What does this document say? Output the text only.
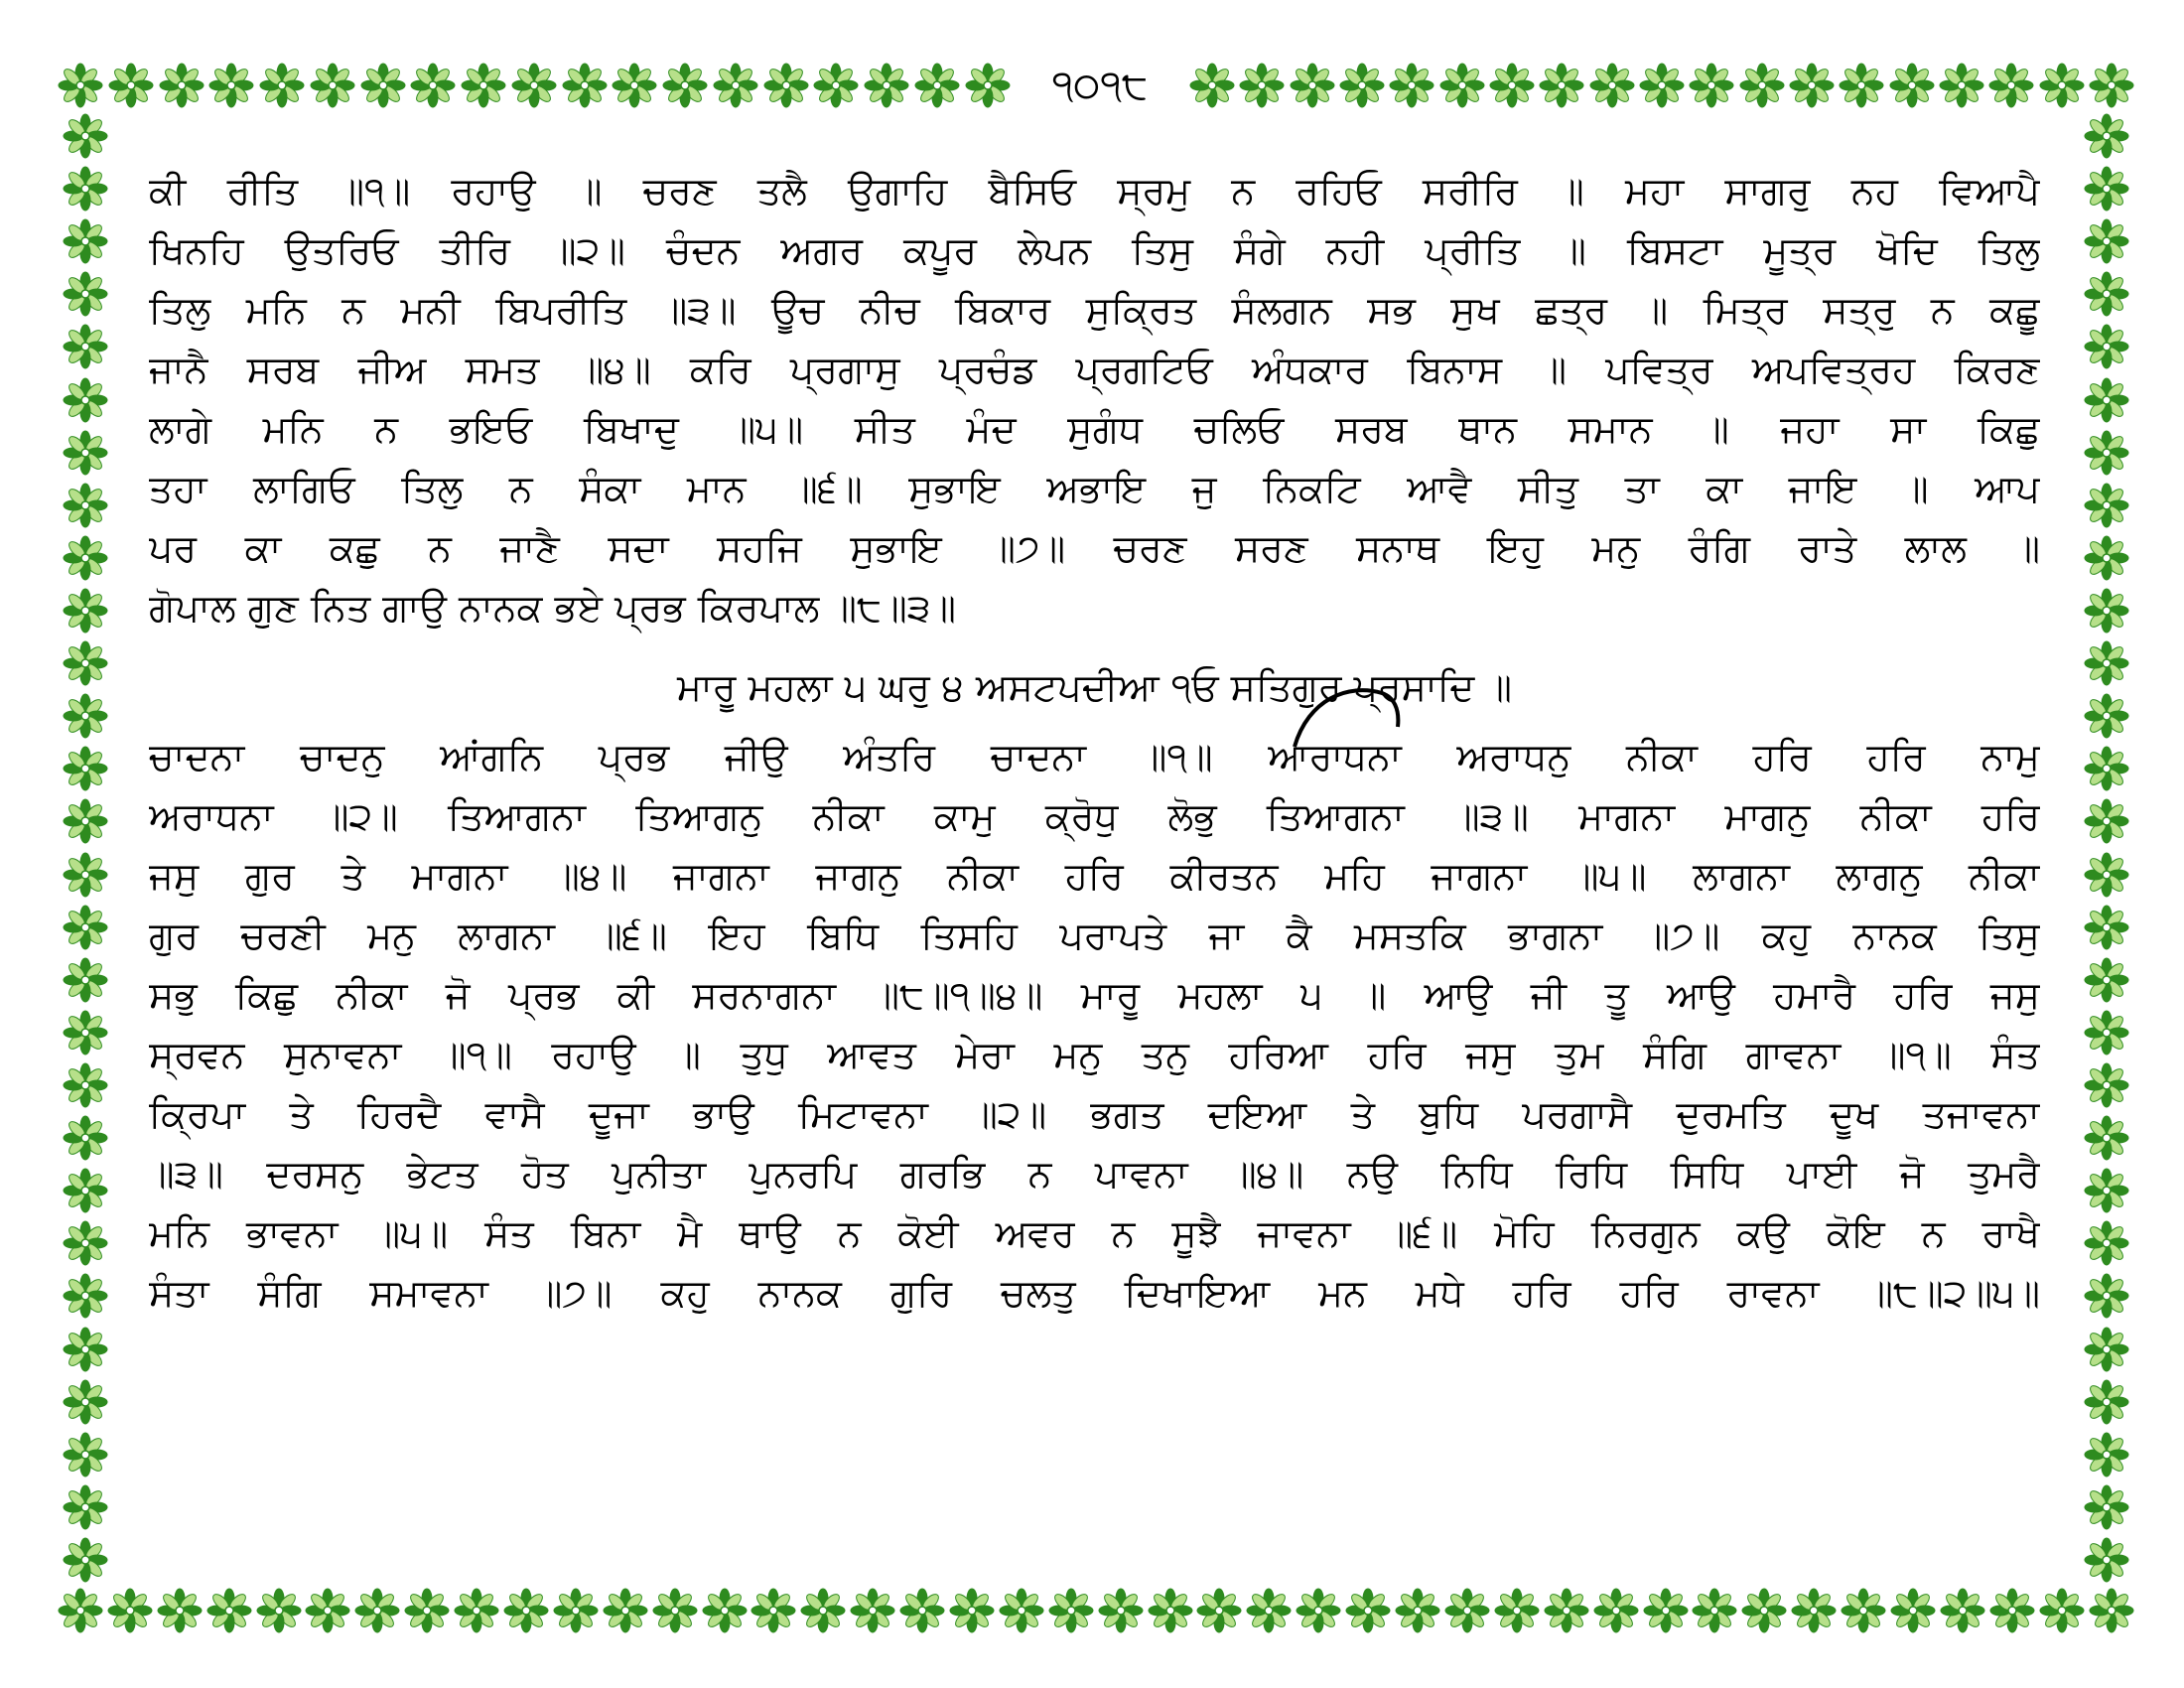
੧੦੧੮
ਕੀ ਰੀਤਿ ॥੧॥ ਰਹਾਉ ॥ ਚਰਣ ਤਲੈ ਉਗਾਹਿ ਬੈਸਿਓ ਸ੍ਰਮੁ ਨ ਰਹਿਓ ਸਰੀਰਿ ॥ ਮਹਾ ਸਾਗਰੁ ਨਹ ਵਿਆਪੈ
ਖਿਨਹਿ ਉਤਰਿਓ ਤੀਰਿ ॥੨॥ ਚੰਦਨ ਅਗਰ ਕਪੂਰ ਲੇਪਨ ਤਿਸੁ ਸੰਗੇ ਨਹੀ ਪ੍ਰੀਤਿ ॥ ਬਿਸਟਾ ਮੂਤ੍ਰ ਖੋਦਿ ਤਿਲੁ
ਤਿਲੁ ਮਨਿ ਨ ਮਨੀ ਬਿਪਰੀਤਿ ॥੩॥ ਊਚ ਨੀਚ ਬਿਕਾਰ ਸੁਕ੍ਰਿਤ ਸੰਲਗਨ ਸਭ ਸੁਖ ਛਤ੍ਰ ॥ ਮਿਤ੍ਰ ਸਤ੍ਰੁ ਨ ਕਛੂ
ਜਾਨੈ ਸਰਬ ਜੀਅ ਸਮਤ ॥੪॥ ਕਰਿ ਪ੍ਰਗਾਸੁ ਪ੍ਰਚੰਡ ਪ੍ਰਗਟਿਓ ਅੰਧਕਾਰ ਬਿਨਾਸ ॥ ਪਵਿਤ੍ਰ ਅਪਵਿਤ੍ਰਹ ਕਿਰਣ
ਲਾਗੇ ਮਨਿ ਨ ਭਇਓ ਬਿਖਾਦੁ ॥੫॥ ਸੀਤ ਮੰਦ ਸੁਗੰਧ ਚਲਿਓ ਸਰਬ ਥਾਨ ਸਮਾਨ ॥ ਜਹਾ ਸਾ ਕਿਛੁ
ਤਹਾ ਲਾਗਿਓ ਤਿਲੁ ਨ ਸੰਕਾ ਮਾਨ ॥੬॥ ਸੁਭਾਇ ਅਭਾਇ ਜੁ ਨਿਕਟਿ ਆਵੈ ਸੀਤੁ ਤਾ ਕਾ ਜਾਇ ॥ ਆਪ
ਪਰ ਕਾ ਕਛੁ ਨ ਜਾਣੈ ਸਦਾ ਸਹਜਿ ਸੁਭਾਇ ॥੭॥ ਚਰਣ ਸਰਣ ਸਨਾਥ ਇਹੁ ਮਨੁ ਰੰਗਿ ਰਾਤੇ ਲਾਲ ॥
ਗੋਪਾਲ ਗੁਣ ਨਿਤ ਗਾਉ ਨਾਨਕ ਭਏ ਪ੍ਰਭ ਕਿਰਪਾਲ ॥੮॥੩॥
ਮਾਰੂ ਮਹਲਾ ੫ ਘਰੁ ੪ ਅਸਟਪਦੀਆ ੧ਓ ਸਤਿਗੁਰ ਪ੍ਰਸਾਦਿ ॥
ਚਾਦਨਾ ਚਾਦਨੁ ਆਂਗਨਿ ਪ੍ਰਭ ਜੀਉ ਅੰਤਰਿ ਚਾਦਨਾ ॥੧॥ ਆਰਾਧਨਾ ਅਰਾਧਨੁ ਨੀਕਾ ਹਰਿ ਹਰਿ ਨਾਮੁ
ਅਰਾਧਨਾ ॥੨॥ ਤਿਆਗਨਾ ਤਿਆਗਨੁ ਨੀਕਾ ਕਾਮੁ ਕ੍ਰੋਧੁ ਲੋਭੁ ਤਿਆਗਨਾ ॥੩॥ ਮਾਗਨਾ ਮਾਗਨੁ ਨੀਕਾ ਹਰਿ
ਜਸੁ ਗੁਰ ਤੇ ਮਾਗਨਾ ॥੪॥ ਜਾਗਨਾ ਜਾਗਨੁ ਨੀਕਾ ਹਰਿ ਕੀਰਤਨ ਮਹਿ ਜਾਗਨਾ ॥੫॥ ਲਾਗਨਾ ਲਾਗਨੁ ਨੀਕਾ
ਗੁਰ ਚਰਣੀ ਮਨੁ ਲਾਗਨਾ ॥੬॥ ਇਹ ਬਿਧਿ ਤਿਸਹਿ ਪਰਾਪਤੇ ਜਾ ਕੈ ਮਸਤਕਿ ਭਾਗਨਾ ॥੭॥ ਕਹੁ ਨਾਨਕ ਤਿਸੁ
ਸਭੁ ਕਿਛੁ ਨੀਕਾ ਜੋ ਪ੍ਰਭ ਕੀ ਸਰਨਾਗਨਾ ॥੮॥੧॥੪॥ ਮਾਰੂ ਮਹਲਾ ੫ ॥ ਆਉ ਜੀ ਤੂ ਆਉ ਹਮਾਰੈ ਹਰਿ ਜਸੁ
ਸ੍ਰਵਨ ਸੁਨਾਵਨਾ ॥੧॥ ਰਹਾਉ ॥ ਤੁਧੁ ਆਵਤ ਮੇਰਾ ਮਨੁ ਤਨੁ ਹਰਿਆ ਹਰਿ ਜਸੁ ਤੁਮ ਸੰਗਿ ਗਾਵਨਾ ॥੧॥ ਸੰਤ
ਕ੍ਰਿਪਾ ਤੇ ਹਿਰਦੈ ਵਾਸੈ ਦੂਜਾ ਭਾਉ ਮਿਟਾਵਨਾ ॥੨॥ ਭਗਤ ਦਇਆ ਤੇ ਬੁਧਿ ਪਰਗਾਸੈ ਦੁਰਮਤਿ ਦੂਖ ਤਜਾਵਨਾ
॥੩॥ ਦਰਸਨੁ ਭੇਟਤ ਹੋਤ ਪੁਨੀਤਾ ਪੁਨਰਪਿ ਗਰਭਿ ਨ ਪਾਵਨਾ ॥੪॥ ਨਉ ਨਿਧਿ ਰਿਧਿ ਸਿਧਿ ਪਾਈ ਜੋ ਤੁਮਰੈ
ਮਨਿ ਭਾਵਨਾ ॥੫॥ ਸੰਤ ਬਿਨਾ ਮੈ ਥਾਉ ਨ ਕੋਈ ਅਵਰ ਨ ਸੂਝੈ ਜਾਵਨਾ ॥੬॥ ਮੋਹਿ ਨਿਰਗੁਨ ਕਉ ਕੋਇ ਨ ਰਾਖੈ
ਸੰਤਾ ਸੰਗਿ ਸਮਾਵਨਾ ॥੭॥ ਕਹੁ ਨਾਨਕ ਗੁਰਿ ਚਲਤੁ ਦਿਖਾਇਆ ਮਨ ਮਧੇ ਹਰਿ ਹਰਿ ਰਾਵਨਾ ॥੮॥੨॥੫॥
